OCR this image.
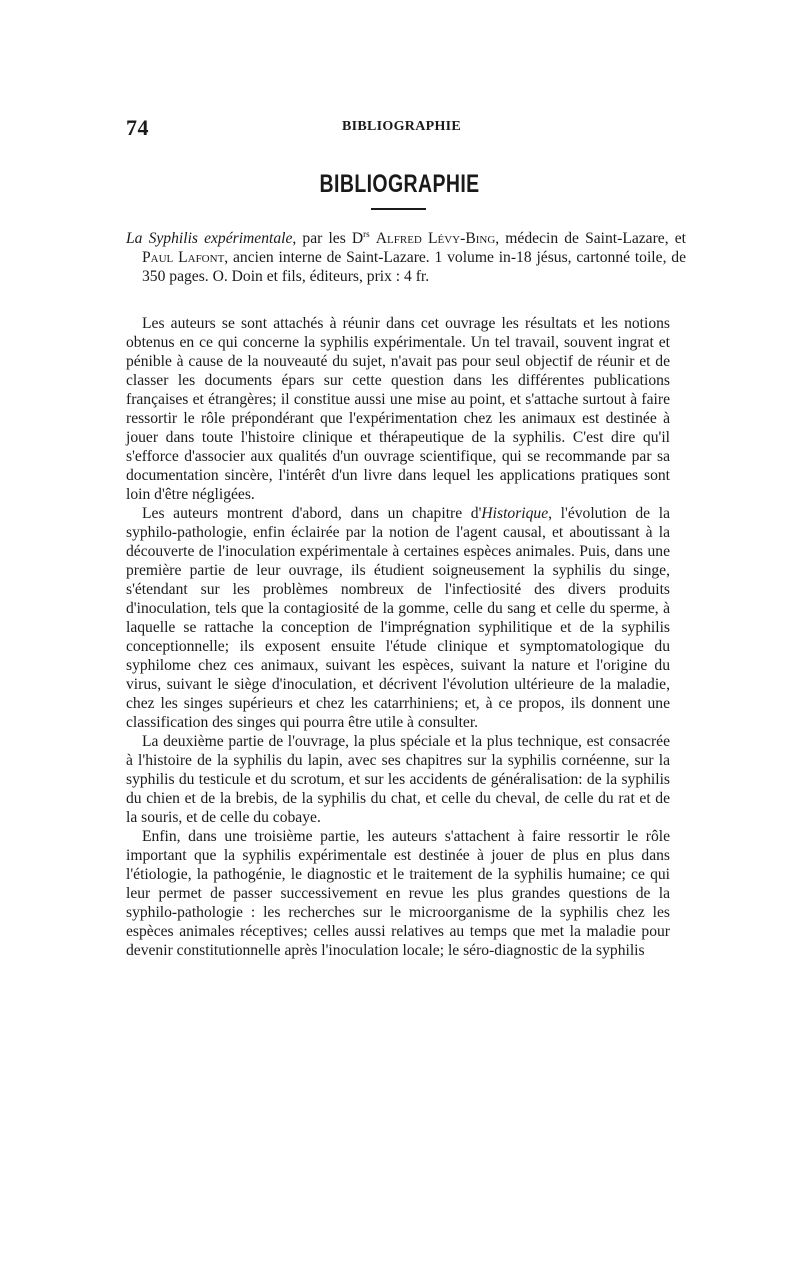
74	BIBLIOGRAPHIE
BIBLIOGRAPHIE
La Syphilis expérimentale, par les $D^{rs}$ Alfred Lévy-Bing, médecin de Saint-Lazare, et Paul Lafont, ancien interne de Saint-Lazare. 1 volume in-18 jésus, cartonné toile, de 350 pages. O. Doin et fils, éditeurs, prix : 4 fr.

Les auteurs se sont attachés à réunir dans cet ouvrage les résultats et les notions obtenus en ce qui concerne la syphilis expérimentale. Un tel travail, souvent ingrat et pénible à cause de la nouveauté du sujet, n'avait pas pour seul objectif de réunir et de classer les documents épars sur cette question dans les différentes publications françaises et étrangères; il constitue aussi une mise au point, et s'attache surtout à faire ressortir le rôle prépondérant que l'expérimentation chez les animaux est destinée à jouer dans toute l'histoire clinique et thérapeutique de la syphilis. C'est dire qu'il s'efforce d'associer aux qualités d'un ouvrage scientifique, qui se recommande par sa documentation sincère, l'intérêt d'un livre dans lequel les applications pratiques sont loin d'être négligées.

Les auteurs montrent d'abord, dans un chapitre d'Historique, l'évolution de la syphilo-pathologie, enfin éclairée par la notion de l'agent causal, et aboutissant à la découverte de l'inoculation expérimentale à certaines espèces animales. Puis, dans une première partie de leur ouvrage, ils étudient soigneusement la syphilis du singe, s'étendant sur les problèmes nombreux de l'infectiosité des divers produits d'inoculation, tels que la contagiosité de la gomme, celle du sang et celle du sperme, à laquelle se rattache la conception de l'imprégnation syphilitique et de la syphilis conceptionnelle; ils exposent ensuite l'étude clinique et symptomatologique du syphilome chez ces animaux, suivant les espèces, suivant la nature et l'origine du virus, suivant le siège d'inoculation, et décrivent l'évolution ultérieure de la maladie, chez les singes supérieurs et chez les catarrhiniens; et, à ce propos, ils donnent une classification des singes qui pourra être utile à consulter.

La deuxième partie de l'ouvrage, la plus spéciale et la plus technique, est consacrée à l'histoire de la syphilis du lapin, avec ses chapitres sur la syphilis cornéenne, sur la syphilis du testicule et du scrotum, et sur les accidents de généralisation: de la syphilis du chien et de la brebis, de la syphilis du chat, et celle du cheval, de celle du rat et de la souris, et de celle du cobaye.

Enfin, dans une troisième partie, les auteurs s'attachent à faire ressortir le rôle important que la syphilis expérimentale est destinée à jouer de plus en plus dans l'étiologie, la pathogénie, le diagnostic et le traitement de la syphilis humaine; ce qui leur permet de passer successivement en revue les plus grandes questions de la syphilo-pathologie : les recherches sur le microorganisme de la syphilis chez les espèces animales réceptives; celles aussi relatives au temps que met la maladie pour devenir constitutionnelle après l'inoculation locale; le séro-diagnostic de la syphilis
